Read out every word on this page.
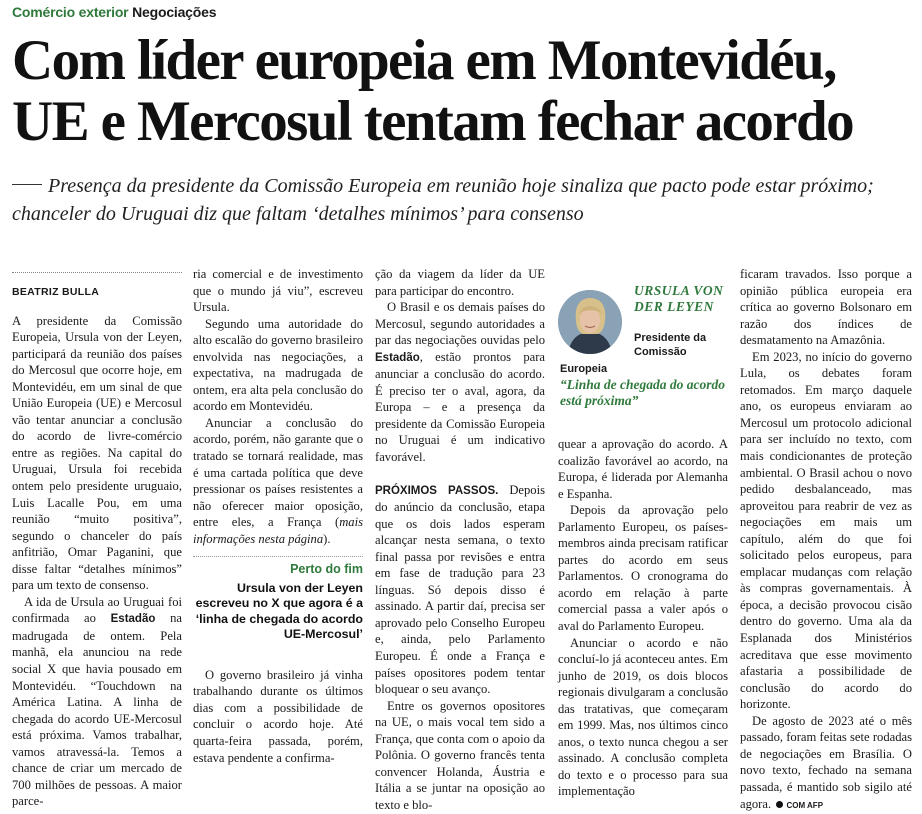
Comércio exterior Negociações
Com líder europeia em Montevidéu, UE e Mercosul tentam fechar acordo

Presença da presidente da Comissão Europeia em reunião hoje sinaliza que pacto pode estar próximo; chanceler do Uruguai diz que faltam ‘detalhes mínimos’ para consenso

BEATRIZ BULLA

A presidente da Comissão Europeia, Ursula von der Leyen, participará da reunião dos países do Mercosul que ocorre hoje, em Montevidéu, em um sinal de que União Europeia (UE) e Mercosul vão tentar anunciar a conclusão do acordo de livre-comércio entre as regiões. Na capital do Uruguai, Ursula foi recebida ontem pelo presidente uruguaio, Luis Lacalle Pou, em uma reunião “muito positiva”, segundo o chanceler do país anfitrião, Omar Paganini, que disse faltar “detalhes mínimos” para um texto de consenso.

A ida de Ursula ao Uruguai foi confirmada ao Estadão na madrugada de ontem. Pela manhã, ela anunciou na rede social X que havia pousado em Montevidéu. “Touchdown na América Latina. A linha de chegada do acordo UE-Mercosul está próxima. Vamos trabalhar, vamos atravessá-la. Temos a chance de criar um mercado de 700 milhões de pessoas. A maior parce-

ria comercial e de investimento que o mundo já viu”, escreveu Ursula.

Segundo uma autoridade do alto escalão do governo brasileiro envolvida nas negociações, a expectativa, na madrugada de ontem, era alta pela conclusão do acordo em Montevidéu.

Anunciar a conclusão do acordo, porém, não garante que o tratado se tornará realidade, mas é uma cartada política que deve pressionar os países resistentes a não oferecer maior oposição, entre eles, a França (mais informações nesta página).

Perto do fim
Ursula von der Leyen escreveu no X que agora é a ‘linha de chegada do acordo UE-Mercosul’

O governo brasileiro já vinha trabalhando durante os últimos dias com a possibilidade de concluir o acordo hoje. Até quarta-feira passada, porém, estava pendente a confirma-

ção da viagem da líder da UE para participar do encontro.

O Brasil e os demais países do Mercosul, segundo autoridades a par das negociações ouvidas pelo Estadão, estão prontos para anunciar a conclusão do acordo. É preciso ter o aval, agora, da Europa – e a presença da presidente da Comissão Europeia no Uruguai é um indicativo favorável.

PRÓXIMOS PASSOS. Depois do anúncio da conclusão, etapa que os dois lados esperam alcançar nesta semana, o texto final passa por revisões e entra em fase de tradução para 23 línguas. Só depois disso é assinado. A partir daí, precisa ser aprovado pelo Conselho Europeu e, ainda, pelo Parlamento Europeu. É onde a França e países opositores podem tentar bloquear o seu avanço.

Entre os governos opositores na UE, o mais vocal tem sido a França, que conta com o apoio da Polônia. O governo francês tenta convencer Holanda, Áustria e Itália a se juntar na oposição ao texto e blo-

URSULA VON DER LEYEN
Presidente da
Comissão
Europeia
“Linha de chegada do acordo está próxima”

quear a aprovação do acordo. A coalizão favorável ao acordo, na Europa, é liderada por Alemanha e Espanha.

Depois da aprovação pelo Parlamento Europeu, os países-membros ainda precisam ratificar partes do acordo em seus Parlamentos. O cronograma do acordo em relação à parte comercial passa a valer após o aval do Parlamento Europeu.

Anunciar o acordo e não concluí-lo já aconteceu antes. Em junho de 2019, os dois blocos regionais divulgaram a conclusão das tratativas, que começaram em 1999. Mas, nos últimos cinco anos, o texto nunca chegou a ser assinado. A conclusão completa do texto e o processo para sua implementação

ficaram travados. Isso porque a opinião pública europeia era crítica ao governo Bolsonaro em razão dos índices de desmatamento na Amazônia.

Em 2023, no início do governo Lula, os debates foram retomados. Em março daquele ano, os europeus enviaram ao Mercosul um protocolo adicional para ser incluído no texto, com mais condicionantes de proteção ambiental. O Brasil achou o novo pedido desbalanceado, mas aproveitou para reabrir de vez as negociações em mais um capítulo, além do que foi solicitado pelos europeus, para emplacar mudanças com relação às compras governamentais. À época, a decisão provocou cisão dentro do governo. Uma ala da Esplanada dos Ministérios acreditava que esse movimento afastaria a possibilidade de conclusão do acordo do horizonte.

De agosto de 2023 até o mês passado, foram feitas sete rodadas de negociações em Brasília. O novo texto, fechado na semana passada, é mantido sob sigilo até agora. COM AFP
